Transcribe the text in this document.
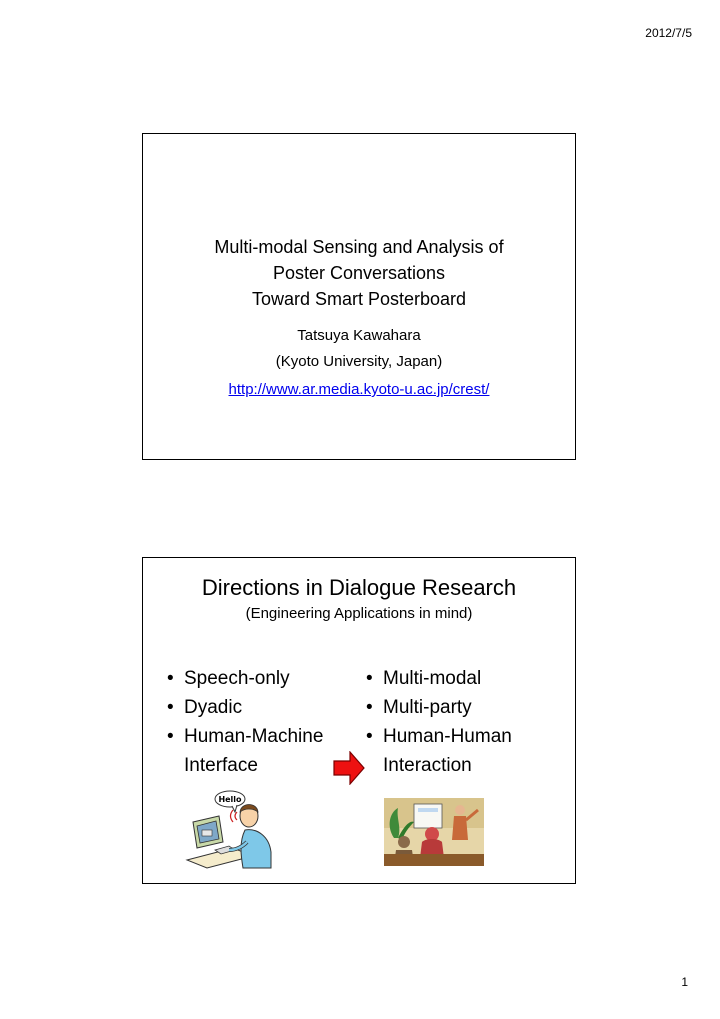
2012/7/5
Multi-modal Sensing and Analysis of
Poster Conversations
Toward Smart Posterboard
Tatsuya Kawahara
(Kyoto University, Japan)
http://www.ar.media.kyoto-u.ac.jp/crest/
Directions in Dialogue Research
(Engineering Applications in mind)
• Speech-only
• Dyadic
• Human-Machine Interface
• Multi-modal
• Multi-party
• Human-Human Interaction
Hello
1
